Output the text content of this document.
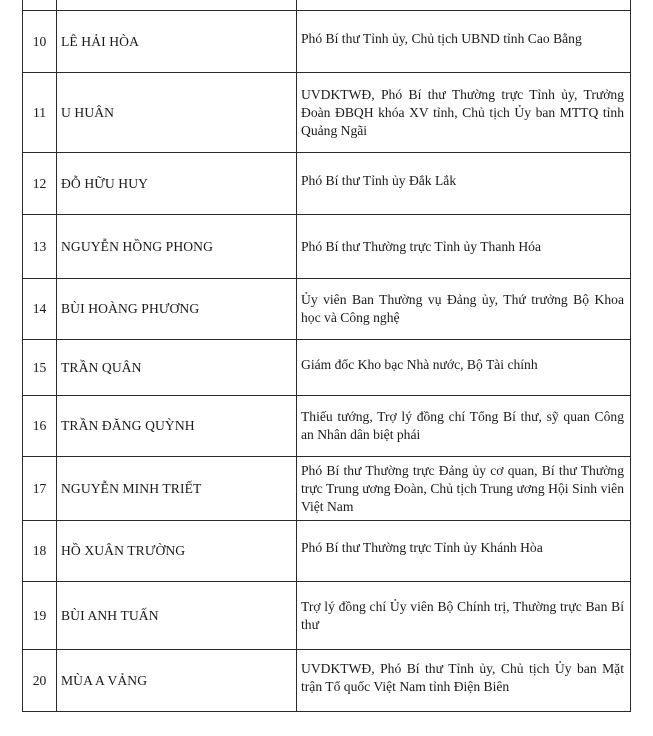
10	LÊ HẢI HÒA	Phó Bí thư Tỉnh ủy, Chủ tịch UBND tỉnh Cao Bằng

11	U HUÂN	UVDKTWĐ, Phó Bí thư Thường trực Tỉnh ủy, Trưởng Đoàn ĐBQH khóa XV tỉnh, Chủ tịch Ủy ban MTTQ tỉnh Quảng Ngãi
12	ĐỖ HỮU HUY	Phó Bí thư Tỉnh ủy Đắk Lắk

13	NGUYỄN HỒNG PHONG	Phó Bí thư Thường trực Tỉnh ủy Thanh Hóa
14	BÙI HOÀNG PHƯƠNG	Ủy viên Ban Thường vụ Đảng ủy, Thứ trưởng Bộ Khoa học và Công nghệ
15	TRẦN QUÂN	Giám đốc Kho bạc Nhà nước, Bộ Tài chính

16	TRẦN ĐĂNG QUỲNH	Thiếu tướng, Trợ lý đồng chí Tổng Bí thư, sỹ quan Công an Nhân dân biệt phái
17	NGUYỄN MINH TRIẾT	Phó Bí thư Thường trực Đảng ủy cơ quan, Bí thư Thường trực Trung ương Đoàn, Chủ tịch Trung ương Hội Sinh viên Việt Nam
18	HỒ XUÂN TRƯỜNG	Phó Bí thư Thường trực Tỉnh ủy Khánh Hòa

19	BÙI ANH TUẤN	Trợ lý đồng chí Ủy viên Bộ Chính trị, Thường trực Ban Bí thư
20	MÙA A VẢNG	UVDKTWĐ, Phó Bí thư Tỉnh ủy, Chủ tịch Ủy ban Mặt trận Tổ quốc Việt Nam tỉnh Điện Biên
